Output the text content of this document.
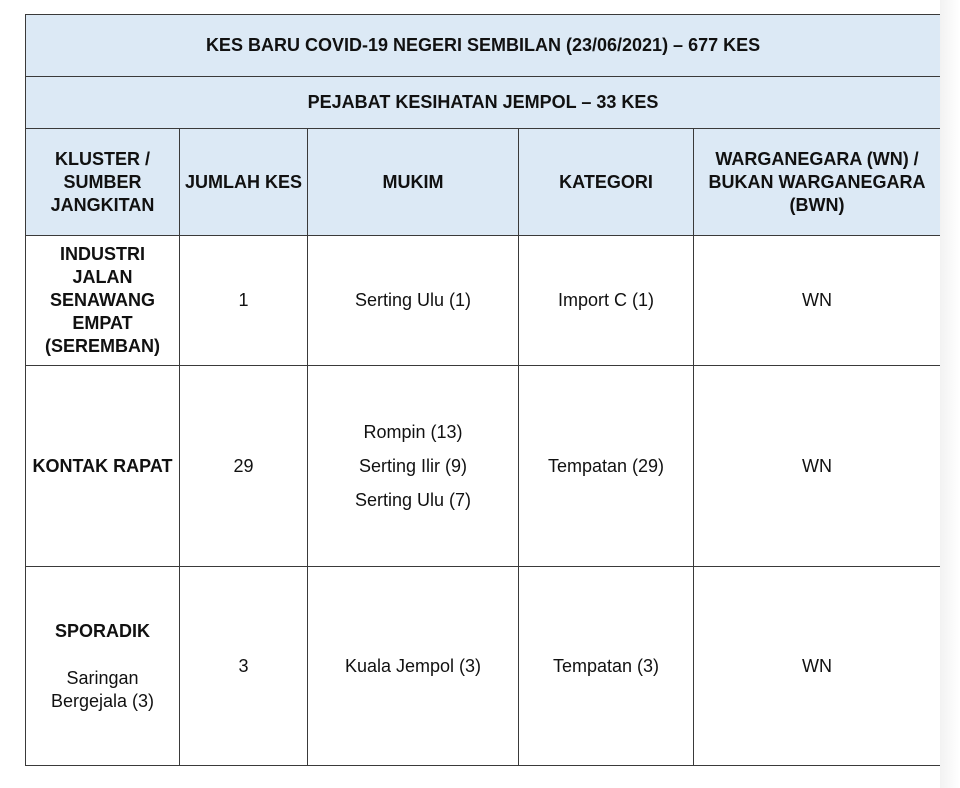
KES BARU COVID-19 NEGERI SEMBILAN (23/06/2021) – 677 KES				
PEJABAT KESIHATAN JEMPOL – 33 KES				
KLUSTER / SUMBER JANGKITAN	JUMLAH KES	MUKIM	KATEGORI	WARGANEGARA (WN) / BUKAN WARGANEGARA (BWN)
INDUSTRI JALAN SENAWANG EMPAT (SEREMBAN)	1	Serting Ulu (1)	Import C (1)	WN
KONTAK RAPAT	29	Rompin (13)
Serting Ilir (9)
Serting Ulu (7)	Tempatan (29)	WN

SPORADIK
Saringan Bergejala (3)	3	Kuala Jempol (3)	Tempatan (3)	WN
